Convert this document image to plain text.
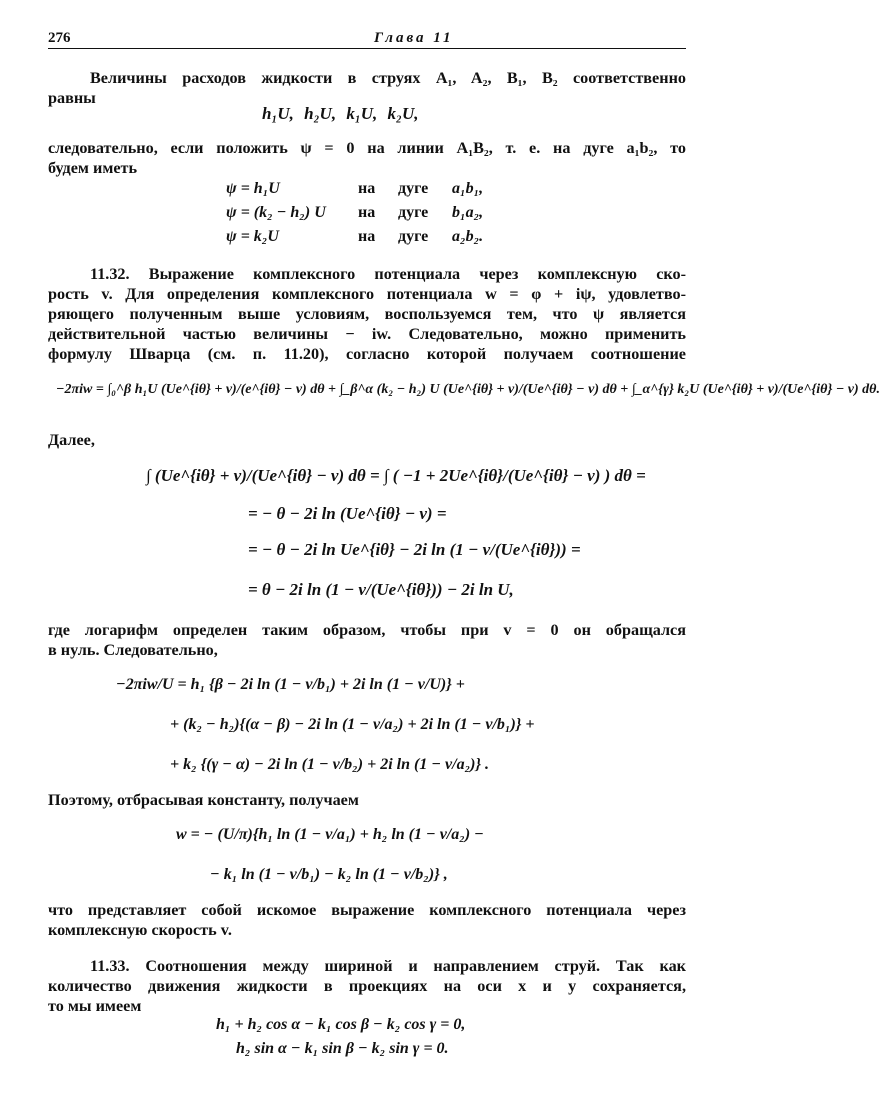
276	Глава 11
Величины расходов жидкости в струях A₁, A₂, B₁, B₂ соответственно
равны
h₁U, h₂U, k₁U, k₂U,
следовательно, если положить ψ = 0 на линии A₁B₂, т. е. на дуге a₁b₂, то
будем иметь
ψ = h₁U	на дуге a₁b₁,
ψ = (k₂ − h₂) U на дуге b₁a₂,
ψ = k₂U	на дуге a₂b₂.
11.32. Выражение комплексного потенциала через комплексную ско-
рость v. Для определения комплексного потенциала w = φ + iψ, удовлетво-
ряющего полученным выше условиям, воспользуемся тем, что ψ является
действительной частью величины − iw. Следовательно, можно применить
формулу Шварца (см. п. 11.20), согласно которой получаем соотношение
−2πiw = ∫₀^β h₁U (Ue^{iθ} + v)/(e^{iθ} − v) dθ + ∫_β^α (k₂ − h₂) U (Ue^{iθ} + v)/(Ue^{iθ} − v) dθ + ∫_α^{γ} k₂U (Ue^{iθ} + v)/(Ue^{iθ} − v) dθ.
Далее,
∫ (Ue^{iθ} + v)/(Ue^{iθ} − v) dθ = ∫ ( −1 + 2Ue^{iθ}/(Ue^{iθ} − v) ) dθ =
= − θ − 2i ln (Ue^{iθ} − v) =
= − θ − 2i ln Ue^{iθ} − 2i ln (1 − v/(Ue^{iθ})) =
= θ − 2i ln (1 − v/(Ue^{iθ})) − 2i ln U,
где логарифм определен таким образом, чтобы при v = 0 он обращался
в нуль. Следовательно,
−2πiw/U = h₁ {β − 2i ln (1 − v/b₁) + 2i ln (1 − v/U)} +
+ (k₂ − h₂){(α − β) − 2i ln (1 − v/a₂) + 2i ln (1 − v/b₁)} +
+ k₂ {(γ − α) − 2i ln (1 − v/b₂) + 2i ln (1 − v/a₂)} .
Поэтому, отбрасывая константу, получаем
w = − (U/π){h₁ ln (1 − v/a₁) + h₂ ln (1 − v/a₂) −
− k₁ ln (1 − v/b₁) − k₂ ln (1 − v/b₂)} ,
что представляет собой искомое выражение комплексного потенциала через
комплексную скорость v.
11.33. Соотношения между шириной и направлением струй. Так как
количество движения жидкости в проекциях на оси x и y сохраняется,
то мы имеем
h₁ + h₂ cos α − k₁ cos β − k₂ cos γ = 0,
h₂ sin α − k₁ sin β − k₂ sin γ = 0.
